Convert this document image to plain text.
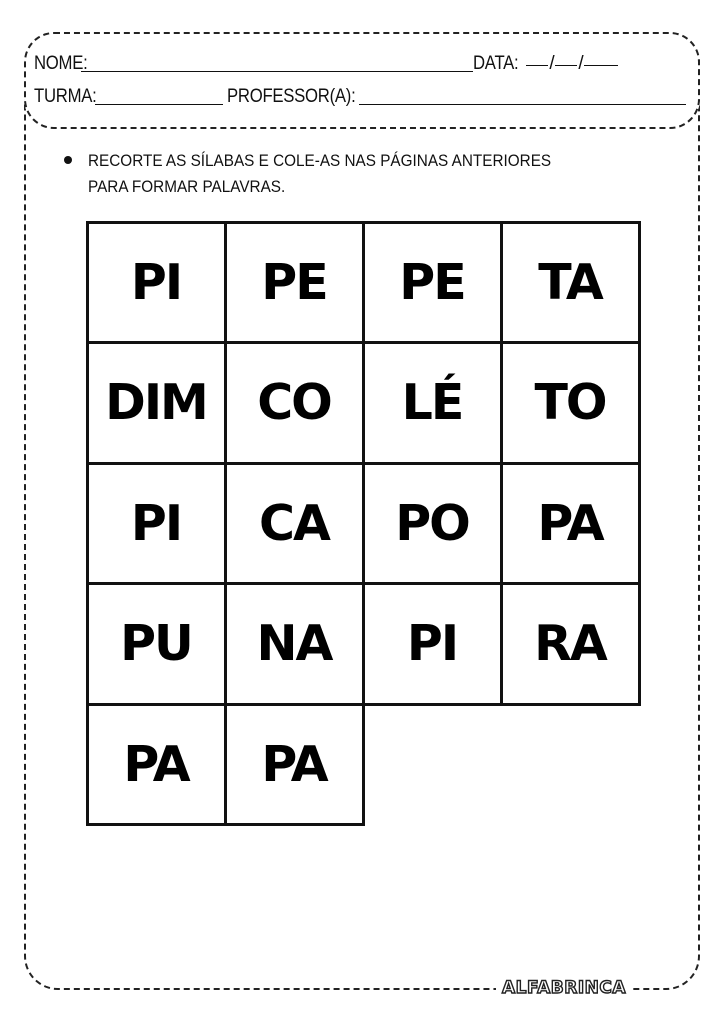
NOME:	DATA:	/ /
TURMA:	PROFESSOR(A):
RECORTE AS SÍLABAS E COLE-AS NAS PÁGINAS ANTERIORES
PARA FORMAR PALAVRAS.
PI	PE	PE	TA
DIM	CO	LÉ	TO
PI	CA	PO	PA
PU	NA	PI	RA
PA	PA
ALFABRINCA
